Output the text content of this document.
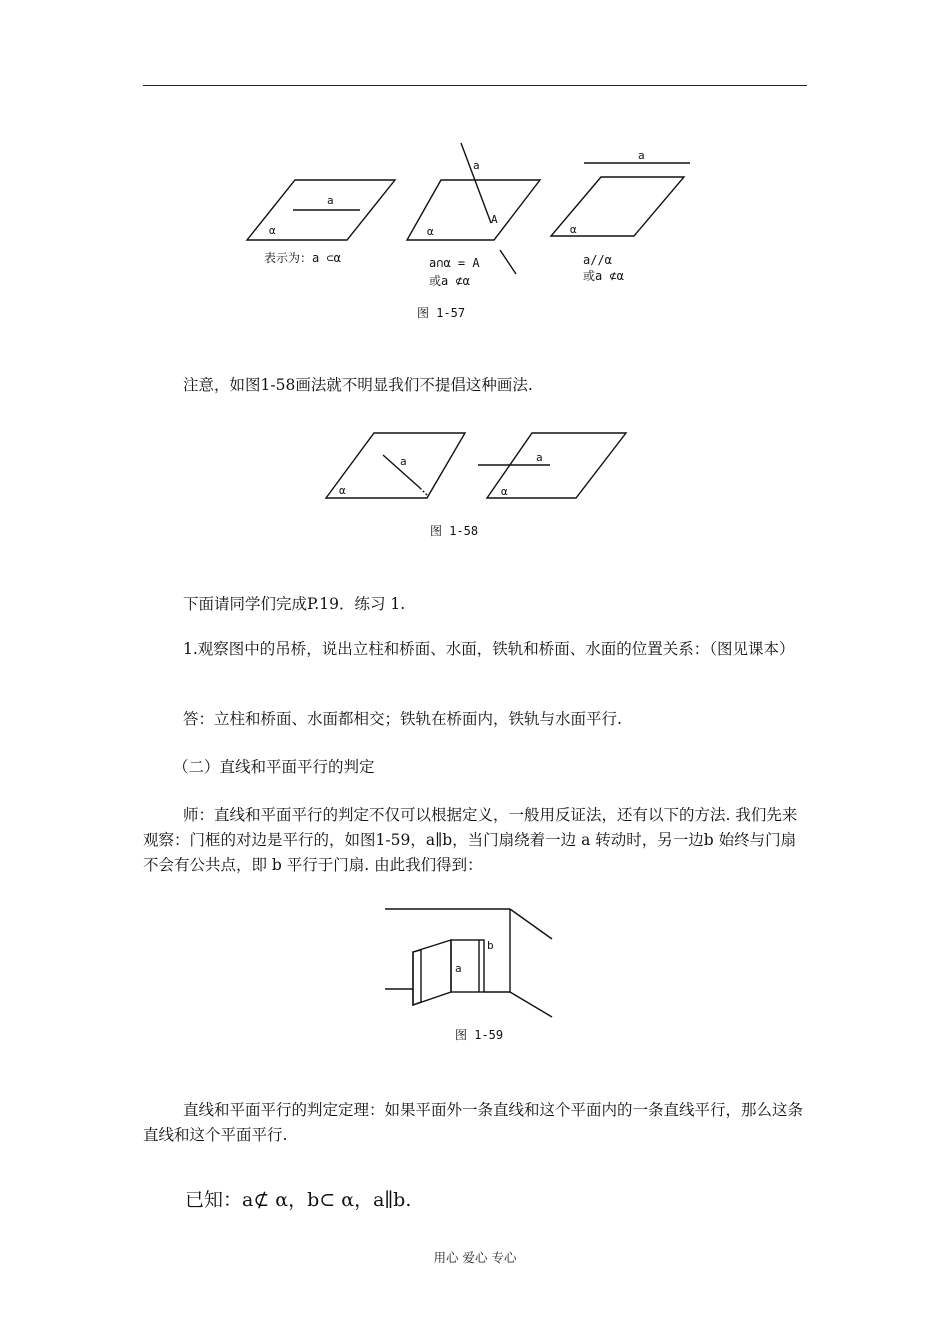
a
α
表示为：a ⊂α
a
A
α
a∩α = A
或a ⊄α
a
α
a//α
或a ⊄α
图 1-57
注意，如图1-58画法就不明显我们不提倡这种画法.
a
α
a
α
图 1-58
下面请同学们完成P.19．练习 1.
1.观察图中的吊桥，说出立柱和桥面、水面，铁轨和桥面、水面的位置关系：（图见课本）
答：立柱和桥面、水面都相交；铁轨在桥面内，铁轨与水面平行.
（二）直线和平面平行的判定
师：直线和平面平行的判定不仅可以根据定义，一般用反证法，还有以下的方法. 我们先来观察：门框的对边是平行的，如图1-59，a∥b，当门扇绕着一边 a 转动时，另一边b 始终与门扇不会有公共点，即 b 平行于门扇. 由此我们得到：
a
b
图 1-59
直线和平面平行的判定定理：如果平面外一条直线和这个平面内的一条直线平行，那么这条直线和这个平面平行.
已知：a⊄ α，b⊂ α，a∥b.
用心 爱心 专心
